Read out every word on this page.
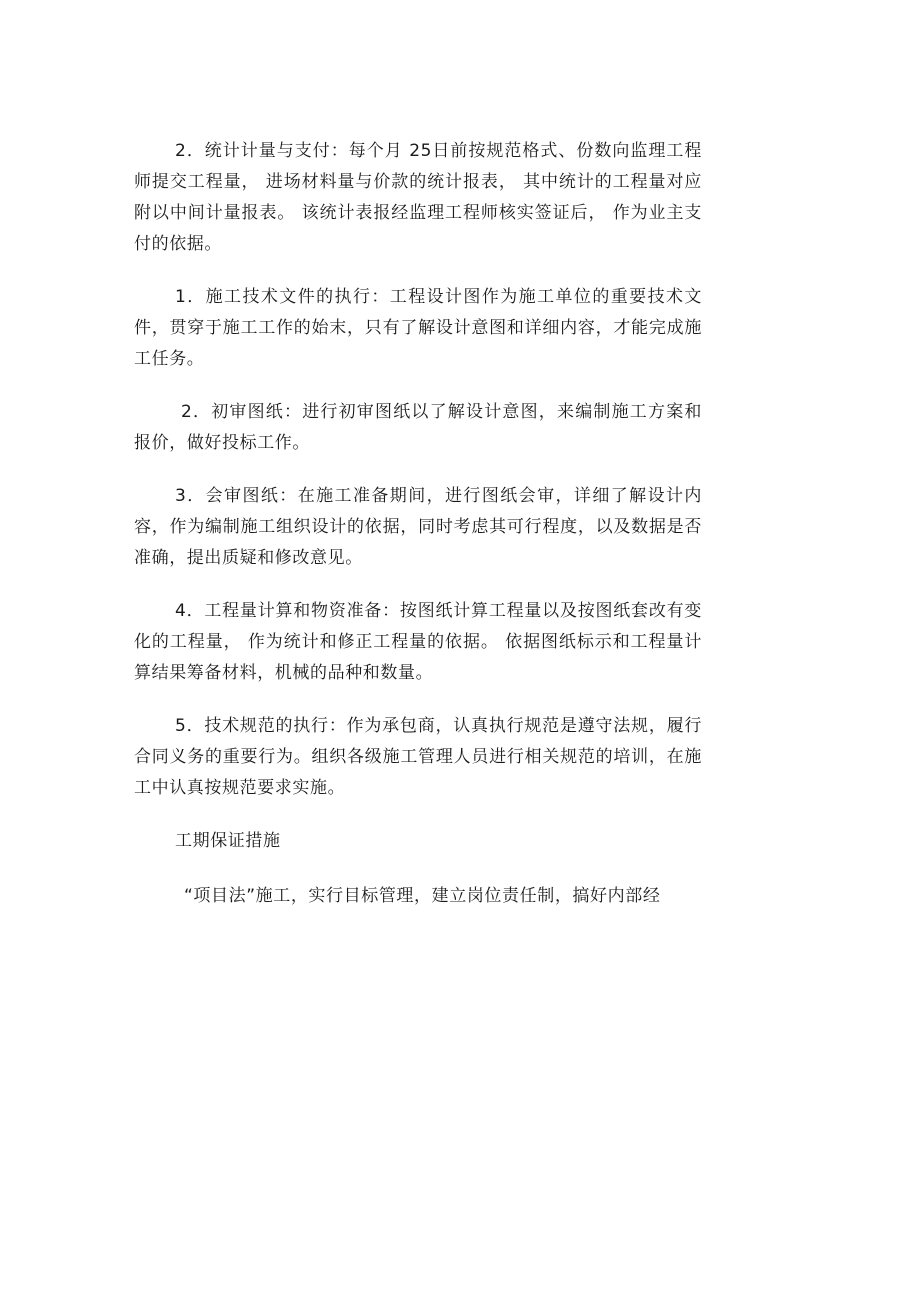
2．统计计量与支付：每个月 25日前按规范格式、份数向监理工程师提交工程量， 进场材料量与价款的统计报表， 其中统计的工程量对应附以中间计量报表。 该统计表报经监理工程师核实签证后， 作为业主支付的依据。

1．施工技术文件的执行：工程设计图作为施工单位的重要技术文件，贯穿于施工工作的始末，只有了解设计意图和详细内容，才能完成施工任务。

2．初审图纸：进行初审图纸以了解设计意图，来编制施工方案和报价，做好投标工作。

3．会审图纸：在施工准备期间，进行图纸会审，详细了解设计内容，作为编制施工组织设计的依据，同时考虑其可行程度，以及数据是否准确，提出质疑和修改意见。

4．工程量计算和物资准备：按图纸计算工程量以及按图纸套改有变化的工程量， 作为统计和修正工程量的依据。 依据图纸标示和工程量计算结果筹备材料，机械的品种和数量。

5．技术规范的执行：作为承包商，认真执行规范是遵守法规，履行合同义务的重要行为。组织各级施工管理人员进行相关规范的培训，在施工中认真按规范要求实施。

工期保证措施

“项目法”施工，实行目标管理，建立岗位责任制，搞好内部经
